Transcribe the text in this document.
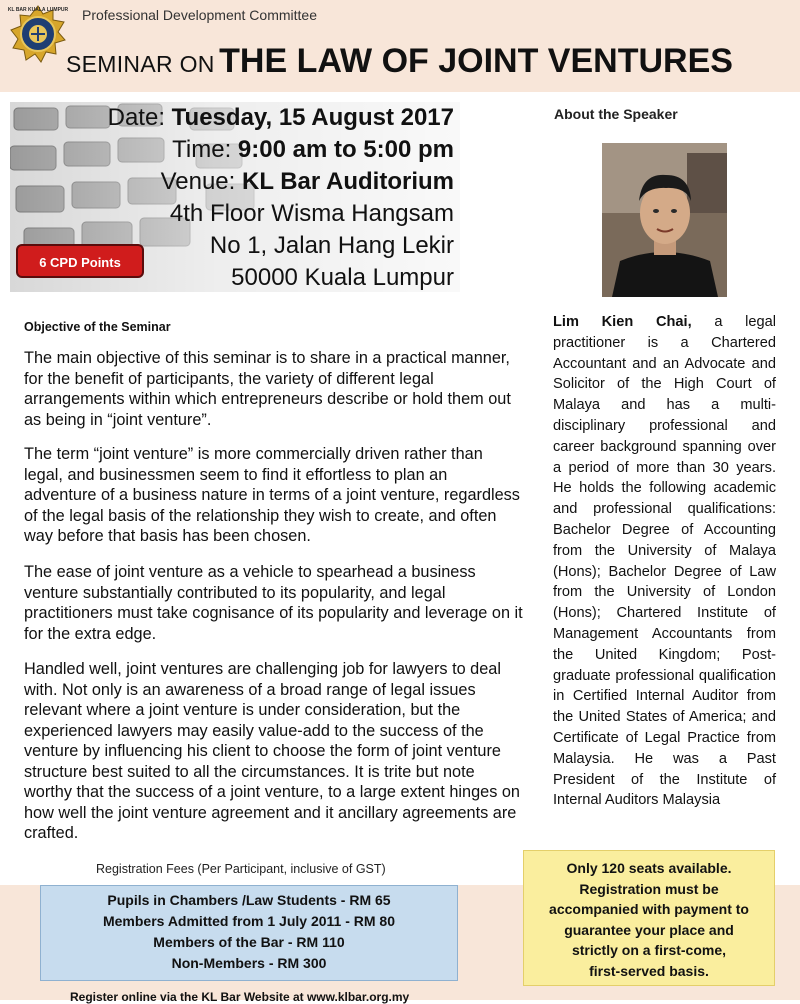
KL BAR KUALA LUMPUR Professional Development Committee
SEMINAR ON THE LAW OF JOINT VENTURES
Date: Tuesday, 15 August 2017
Time: 9:00 am to 5:00 pm
Venue: KL Bar Auditorium
4th Floor Wisma Hangsam
No 1, Jalan Hang Lekir
50000 Kuala Lumpur
6 CPD Points
About the Speaker
Lim Kien Chai, a legal practitioner is a Chartered Accountant and an Advocate and Solicitor of the High Court of Malaya and has a multi-disciplinary professional and career background spanning over a period of more than 30 years. He holds the following academic and professional qualifications: Bachelor Degree of Accounting from the University of Malaya (Hons); Bachelor Degree of Law from the University of London (Hons); Chartered Institute of Management Accountants from the United Kingdom; Post-graduate professional qualification in Certified Internal Auditor from the United States of America; and Certificate of Legal Practice from Malaysia. He was a Past President of the Institute of Internal Auditors Malaysia
Objective of the Seminar
The main objective of this seminar is to share in a practical manner, for the benefit of participants, the variety of different legal arrangements within which entrepreneurs describe or hold them out as being in “joint venture”.
The term “joint venture” is more commercially driven rather than legal, and businessmen seem to find it effortless to plan an adventure of a business nature in terms of a joint venture, regardless of the legal basis of the relationship they wish to create, and often way before that basis has been chosen.
The ease of joint venture as a vehicle to spearhead a business venture substantially contributed to its popularity, and legal practitioners must take cognisance of its popularity and leverage on it for the extra edge.
Handled well, joint ventures are challenging job for lawyers to deal with. Not only is an awareness of a broad range of legal issues relevant where a joint venture is under consideration, but the experienced lawyers may easily value-add to the success of the venture by influencing his client to choose the form of joint venture structure best suited to all the circumstances. It is trite but note worthy that the success of a joint venture, to a large extent hinges on how well the joint venture agreement and it ancillary agreements are crafted.
Registration Fees (Per Participant, inclusive of GST)
Pupils in Chambers /Law Students - RM 65
Members Admitted from 1 July 2011 - RM 80
Members of the Bar - RM 110
Non-Members - RM 300
Only 120 seats available.
Registration must be
accompanied with payment to
guarantee your place and
strictly on a first-come,
first-served basis.
Register online via the KL Bar Website at www.klbar.org.my
